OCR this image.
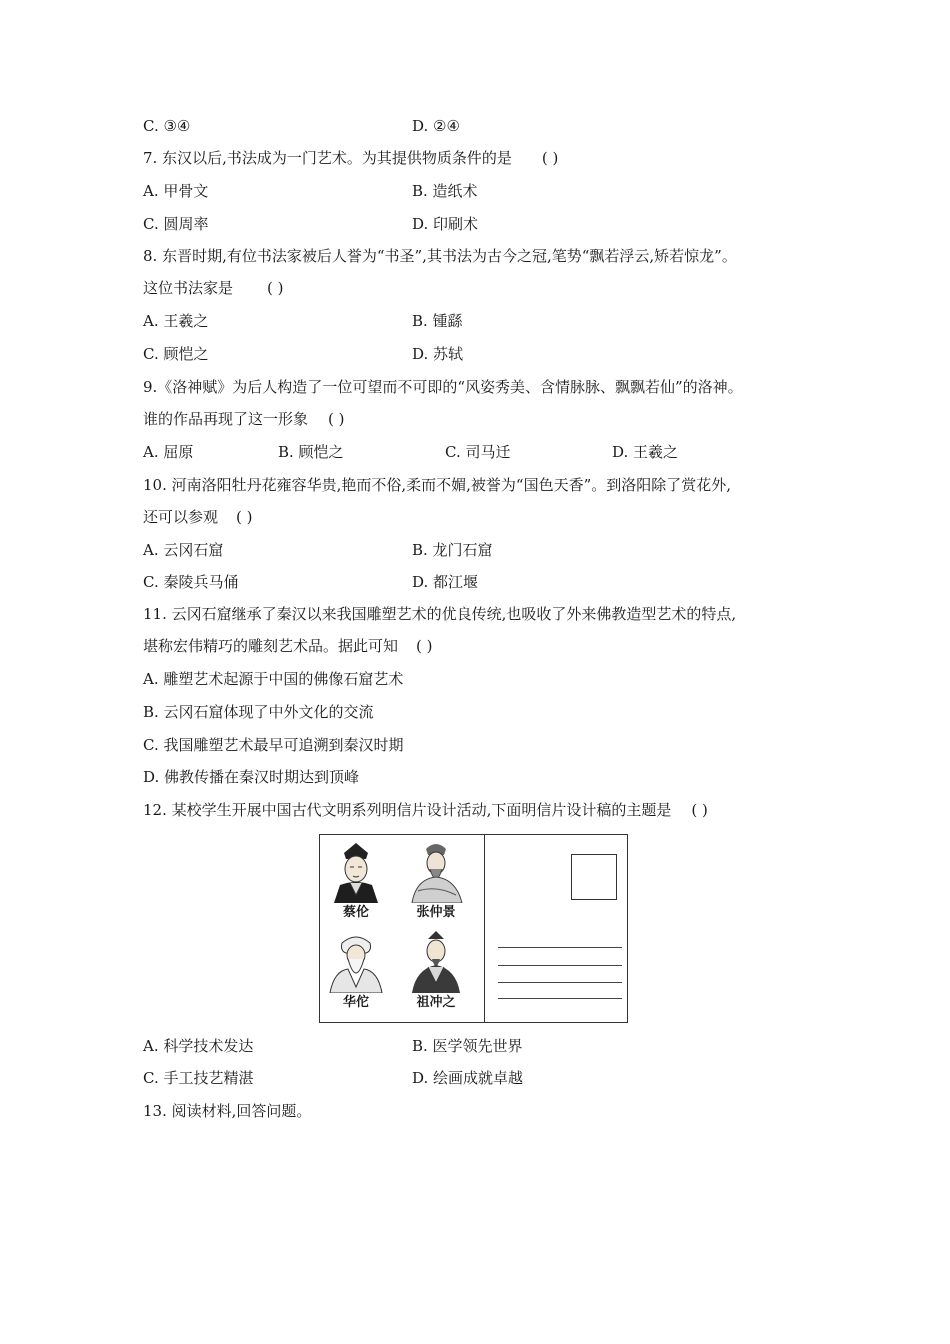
C. ③④	D. ②④
7. 东汉以后,书法成为一门艺术。为其提供物质条件的是 ( )
A. 甲骨文	B. 造纸术
C. 圆周率	D. 印刷术
8. 东晋时期,有位书法家被后人誉为“书圣”,其书法为古今之冠,笔势“飘若浮云,矫若惊龙”。
这位书法家是 ( )
A. 王羲之	B. 锺繇
C. 顾恺之	D. 苏轼
9.《洛神赋》为后人构造了一位可望而不可即的“风姿秀美、含情脉脉、飘飘若仙”的洛神。
谁的作品再现了这一形象 ( )
A. 屈原	B. 顾恺之	C. 司马迁	D. 王羲之
10. 河南洛阳牡丹花雍容华贵,艳而不俗,柔而不媚,被誉为“国色天香”。到洛阳除了赏花外,
还可以参观 ( )
A. 云冈石窟	B. 龙门石窟
C. 秦陵兵马俑	D. 都江堰
11. 云冈石窟继承了秦汉以来我国雕塑艺术的优良传统,也吸收了外来佛教造型艺术的特点,
堪称宏伟精巧的雕刻艺术品。据此可知 ( )
A. 雕塑艺术起源于中国的佛像石窟艺术
B. 云冈石窟体现了中外文化的交流
C. 我国雕塑艺术最早可追溯到秦汉时期
D. 佛教传播在秦汉时期达到顶峰
12. 某校学生开展中国古代文明系列明信片设计活动,下面明信片设计稿的主题是 ( )
蔡伦	张仲景
华佗	祖冲之
A. 科学技术发达	B. 医学领先世界
C. 手工技艺精湛	D. 绘画成就卓越
13. 阅读材料,回答问题。
